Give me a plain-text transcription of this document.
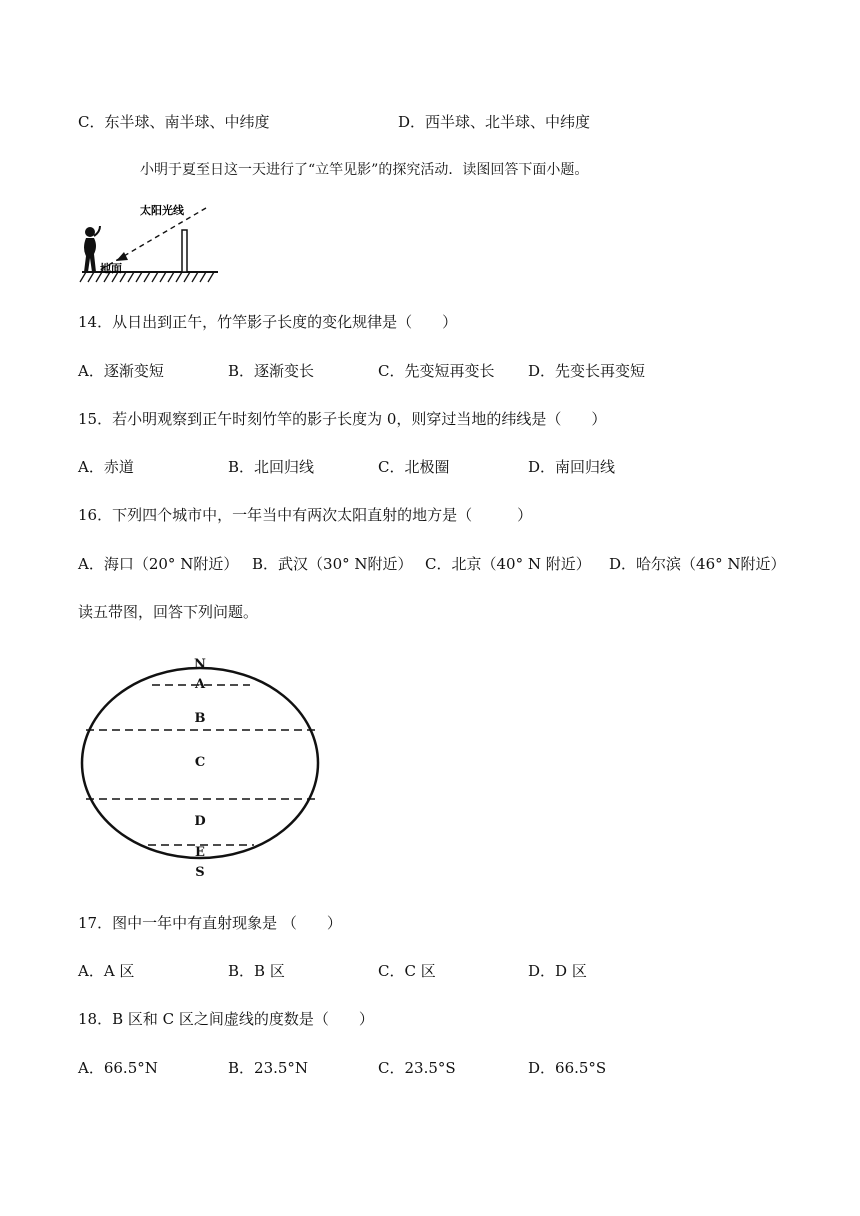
C．东半球、南半球、中纬度	D．西半球、北半球、中纬度
小明于夏至日这一天进行了“立竿见影”的探究活动．读图回答下面小题。
太阳光线
地面
14．从日出到正午，竹竿影子长度的变化规律是（　　）
A．逐渐变短	B．逐渐变长	C．先变短再变长 D．先变长再变短
15．若小明观察到正午时刻竹竿的影子长度为 0，则穿过当地的纬线是（　　）
A．赤道	B．北回归线	C．北极圈	D．南回归线
16．下列四个城市中，一年当中有两次太阳直射的地方是（　　　）
A．海口（20° N附近） B．武汉（30° N附近） C．北京（40° N 附近） D．哈尔滨（46° N附近）
读五带图，回答下列问题。
N
A
B
C
D
E
S
17．图中一年中有直射现象是 （　　）
A．A 区	B．B 区	C．C 区	D．D 区
18．B 区和 C 区之间虚线的度数是（　　）
A．66.5°N	B．23.5°N	C．23.5°S	D．66.5°S
